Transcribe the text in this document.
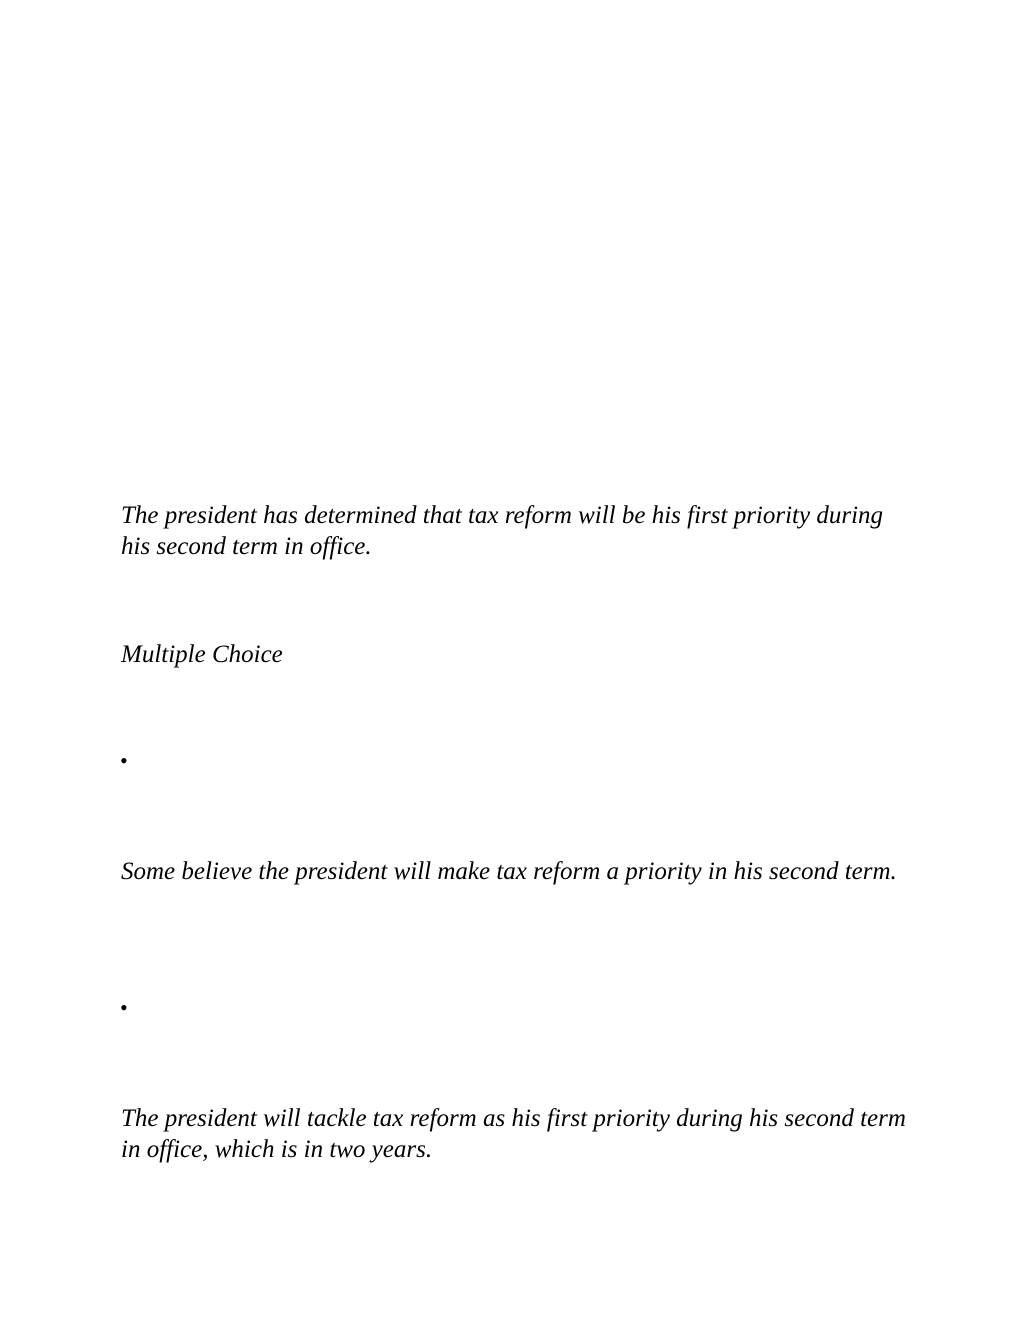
The president has determined that tax reform will be his first priority during his second term in office.

Multiple Choice

•

Some believe the president will make tax reform a priority in his second term.

•

The president will tackle tax reform as his first priority during his second term in office, which is in two years.
